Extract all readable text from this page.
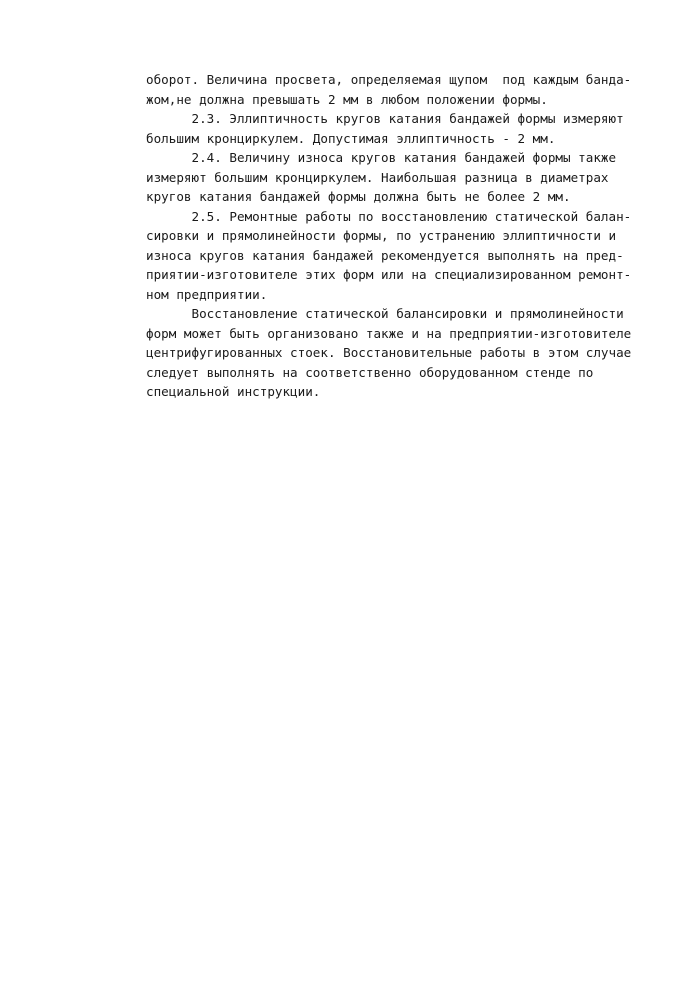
оборот. Величина просвета, определяемая щупом  под каждым банда-
жом,не должна превышать 2 мм в любом положении формы.
2.3. Эллиптичность кругов катания бандажей формы измеряют
большим кронциркулем. Допустимая эллиптичность - 2 мм.
2.4. Величину износа кругов катания бандажей формы также
измеряют большим кронциркулем. Наибольшая разница в диаметрах
кругов катания бандажей формы должна быть не более 2 мм.
2.5. Ремонтные работы по восстановлению статической балан-
сировки и прямолинейности формы, по устранению эллиптичности и
износа кругов катания бандажей рекомендуется выполнять на пред-
приятии-изготовителе этих форм или на специализированном ремонт-
ном предприятии.
Восстановление статической балансировки и прямолинейности
форм может быть организовано также и на предприятии-изготовителе
центрифугированных стоек. Восстановительные работы в этом случае
следует выполнять на соответственно оборудованном стенде по
специальной инструкции.
